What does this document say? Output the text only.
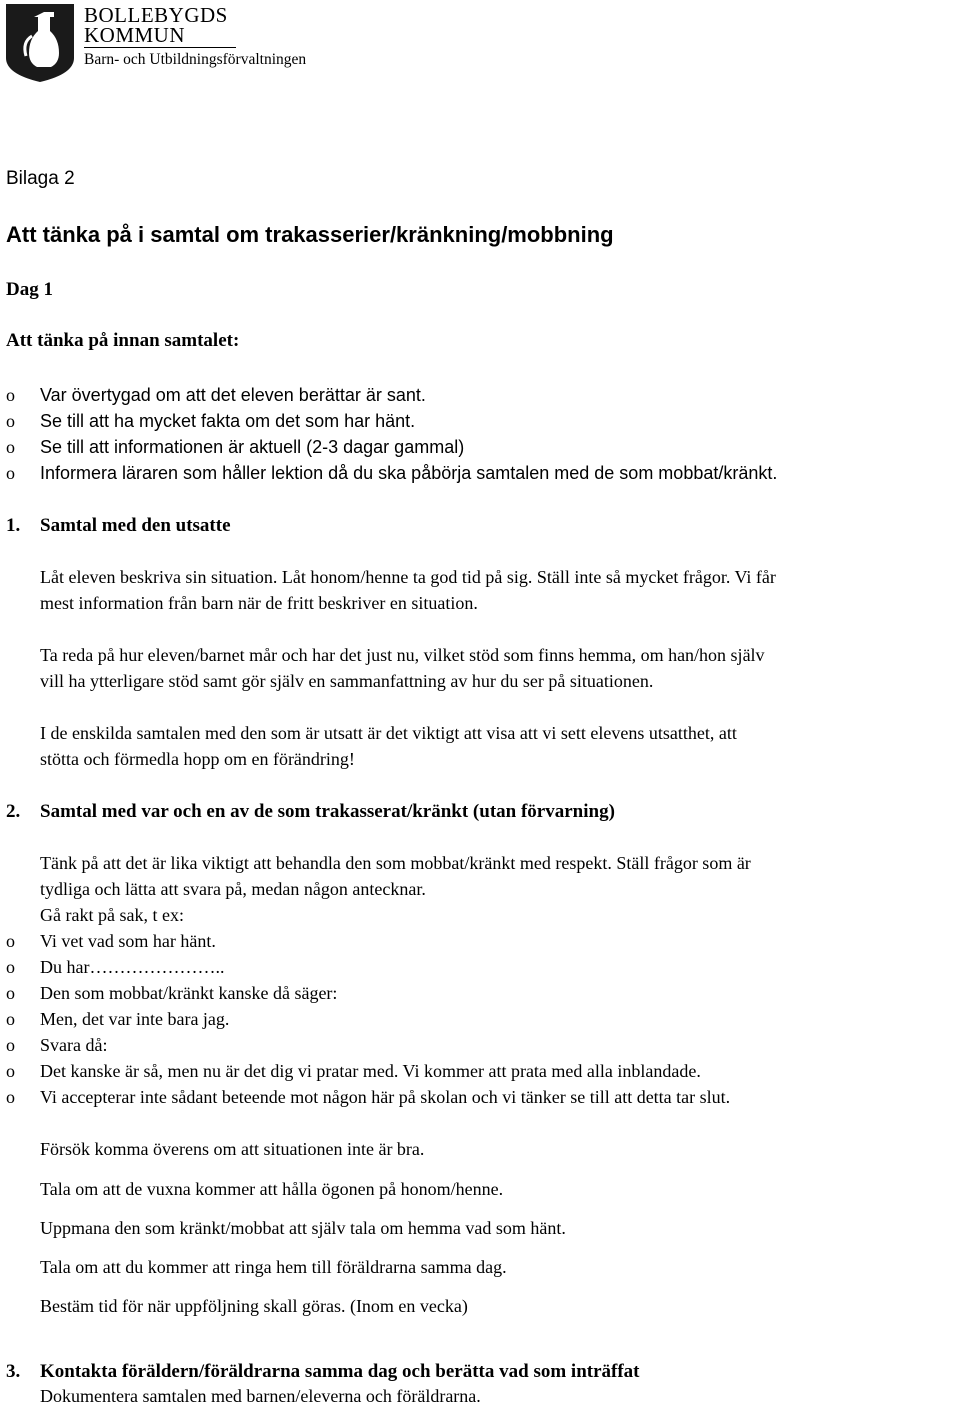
BOLLEBYGDS
KOMMUN
Barn- och Utbildningsförvaltningen
Bilaga 2
Att tänka på i samtal om trakasserier/kränkning/mobbning
Dag 1
Att tänka på innan samtalet:
o Var övertygad om att det eleven berättar är sant.
o Se till att ha mycket fakta om det som har hänt.
o Se till att informationen är aktuell (2-3 dagar gammal)
o Informera läraren som håller lektion då du ska påbörja samtalen med de som mobbat/kränkt.
1. Samtal med den utsatte
Låt eleven beskriva sin situation. Låt honom/henne ta god tid på sig. Ställ inte så mycket frågor. Vi får
mest information från barn när de fritt beskriver en situation.
Ta reda på hur eleven/barnet mår och har det just nu, vilket stöd som finns hemma, om han/hon själv
vill ha ytterligare stöd samt gör själv en sammanfattning av hur du ser på situationen.
I de enskilda samtalen med den som är utsatt är det viktigt att visa att vi sett elevens utsatthet, att
stötta och förmedla hopp om en förändring!
2. Samtal med var och en av de som trakasserat/kränkt (utan förvarning)
Tänk på att det är lika viktigt att behandla den som mobbat/kränkt med respekt. Ställ frågor som är
tydliga och lätta att svara på, medan någon antecknar.
Gå rakt på sak, t ex:
o Vi vet vad som har hänt.
o Du har…………………..
o Den som mobbat/kränkt kanske då säger:
o Men, det var inte bara jag.
o Svara då:
o Det kanske är så, men nu är det dig vi pratar med. Vi kommer att prata med alla inblandade.
o Vi accepterar inte sådant beteende mot någon här på skolan och vi tänker se till att detta tar slut.
Försök komma överens om att situationen inte är bra.
Tala om att de vuxna kommer att hålla ögonen på honom/henne.
Uppmana den som kränkt/mobbat att själv tala om hemma vad som hänt.
Tala om att du kommer att ringa hem till föräldrarna samma dag.
Bestäm tid för när uppföljning skall göras. (Inom en vecka)
3. Kontakta föräldern/föräldrarna samma dag och berätta vad som inträffat
Dokumentera samtalen med barnen/eleverna och föräldrarna.
